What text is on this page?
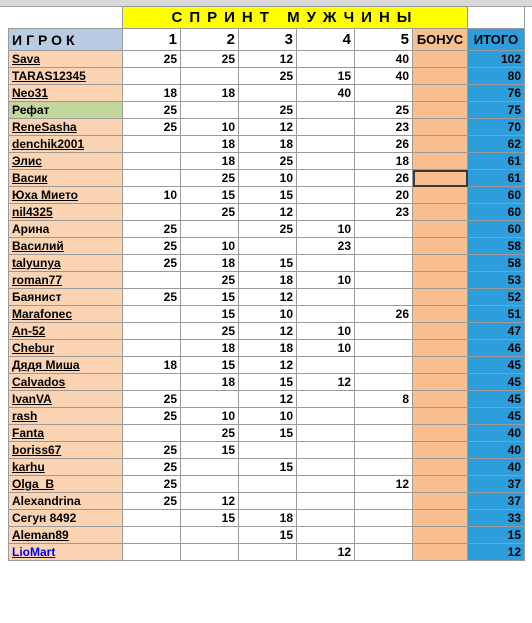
	СПРИНТ МУЖЧИНЫ						
ИГРОК	1	2	3	4	5	БОНУС	ИТОГО
Sava	25	25	12		40		102
TARAS12345			25	15	40		80
Neo31	18	18		40			76
Рефат	25		25		25		75
ReneSasha	25	10	12		23		70
denchik2001		18	18		26		62
Элис		18	25		18		61
Васик		25	10		26		61
Юха Мието	10	15	15		20		60
nil4325		25	12		23		60
Арина	25		25	10			60
Василий	25	10		23			58
talyunya	25	18	15				58
roman77		25	18	10			53
Баянист	25	15	12				52
Marafonec		15	10		26		51
An-52		25	12	10			47
Chebur		18	18	10			46
Дядя Миша	18	15	12				45
Calvados		18	15	12			45
IvanVA	25		12		8		45
rash	25	10	10				45
Fanta		25	15				40
boriss67	25	15					40
karhu	25		15				40
Olga_B	25				12		37
Alexandrina	25	12					37
Сегун 8492		15	18				33
Aleman89			15				15
LioMart				12			12
